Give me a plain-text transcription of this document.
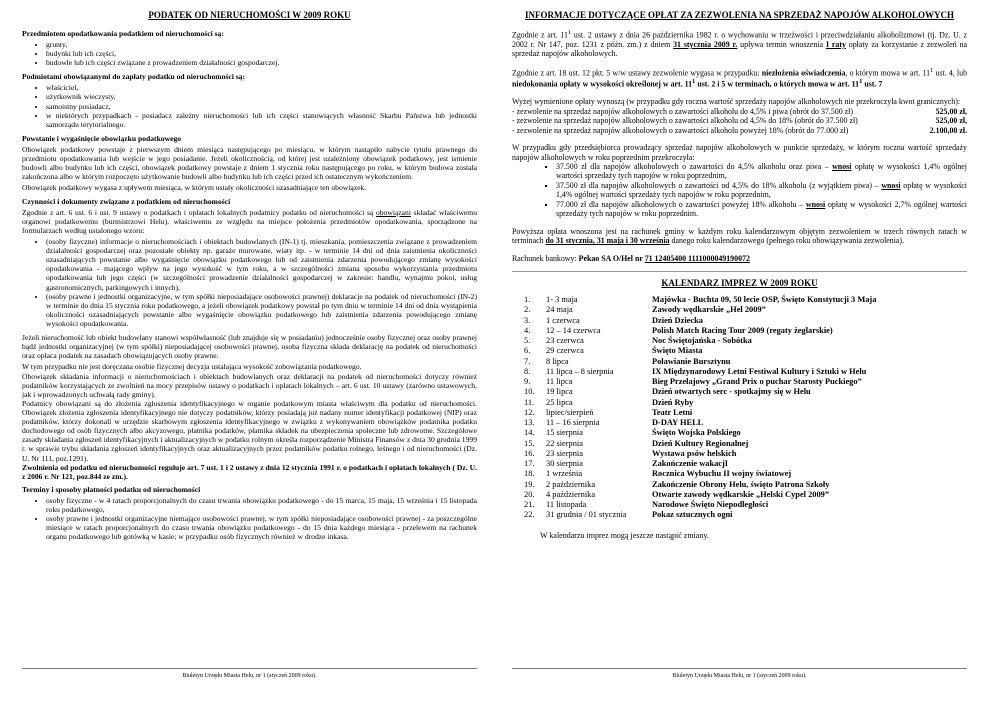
PODATEK OD NIERUCHOMOŚCI W 2009 ROKU

Przedmiotem opodatkowania podatkiem od nieruchomości są:

• grunty,
• budynki lub ich części,
• budowle lub ich części związane z prowadzeniem działalności gospodarczej.

Podmiotami obowiązanymi do zapłaty podatku od nieruchomości są:

• właściciel,
• użytkownik wieczysty,
• samoistny posiadacz,
• w niektórych przypadkach - posiadacz zależny nieruchomości lub ich części stanowiących własność Skarbu Państwa lub jednostki samorządu terytorialnego.

Powstanie i wygaśnięcie obowiązku podatkowego

Obowiązek podatkowy powstaje z pierwszym dniem miesiąca następującego po miesiącu, w którym nastąpiło nabycie tytułu prawnego do przedmiotu opodatkowania lub wejście w jego posiadanie. Jeżeli okolicznością, od której jest uzależniony obowiązek podatkowy, jest istnienie budowli albo budynku lub ich części, obowiązek podatkowy powstaje z dniem 1 stycznia roku następującego po roku, w którym budowa została zakończona albo w którym rozpoczęto użytkowanie budowli albo budynku lub ich części przed ich ostatecznym wykończeniem.

Obowiązek podatkowy wygasa z upływem miesiąca, w którym ustały okoliczności uzasadniające ten obowiązek.

Czynności i dokumenty związane z podatkiem od nieruchomości

Zgodnie z art. 6 ust. 6 i ust. 9 ustawy o podatkach i opłatach lokalnych podatnicy podatku od nieruchomości są obowiązani składać właściwemu organowi podatkowemu (burmistrzowi Helu), właściwemu ze względu na miejsce położenia przedmiotów opodatkowania, sporządzone na formularzach według ustalonego wzoru:

• (osoby fizyczne) informacje o nieruchomościach i obiektach budowlanych (IN-1) tj. mieszkania, pomieszczenia związane z prowadzeniem działalności gospodarczej oraz pozostałe obiekty np. garaże murowane, wiaty itp. - w terminie 14 dni od dnia zaistnienia okoliczności uzasadniających powstanie albo wygaśnięcie obowiązku podatkowego lub od zaistnienia zdarzenia powodującego zmianę wysokości opodatkowania - mającego wpływ na jego wysokość w tym roku, a w szczególności zmiana sposobu wykorzystania przedmiotu opodatkowania lub jego części (w szczególności prowadzenie działalności gospodarczej w zakresie: handlu, wynajmu pokoi, usług gastronomicznych, parkingowych i innych),
• (osoby prawne i jednostki organizacyjne, w tym spółki nieposiadające osobowości prawnej) deklaracje na podatek od nieruchomości (IN-2) w terminie do dnia 15 stycznia roku podatkowego, a jeżeli obowiązek podatkowy powstał po tym dniu w terminie 14 dni od dnia wystąpienia okoliczności uzasadniających powstanie albo wygaśnięcie obowiązku podatkowego lub zaistnienia zdarzenia powodującego zmianę wysokości opodatkowania.

Jeżeli nieruchomość lub obiekt budowlany stanowi współwłasność (lub znajduje się w posiadaniu) jednocześnie osoby fizycznej oraz osoby prawnej bądź jednostki organizacyjnej (w tym spółki) nieposiadającej osobowości prawnej, osoba fizyczna składa deklarację na podatek od nieruchomości oraz opłaca podatek na zasadach obowiązujących osoby prawne.

W tym przypadku nie jest doręczana osobie fizycznej decyzja ustalająca wysokość zobowiązania podatkowego.

Obowiązek składania informacji o nieruchomościach i obiektach budowlanych oraz deklaracji na podatek od nieruchomości dotyczy również podatników korzystających ze zwolnień na mocy przepisów ustawy o podatkach i opłatach lokalnych – art. 6 ust. 10 ustawy (zarówno ustawowych, jak i wprowadzonych uchwałą rady gminy).

Podatnicy obowiązani są do złożenia zgłoszenia identyfikacyjnego w organie podatkowym miasta właściwym dla podatku od nieruchomości. Obowiązek złożenia zgłoszenia identyfikacyjnego nie dotyczy podatników, którzy posiadają już nadany numer identyfikacji podatkowej (NIP) oraz podatników, którzy dokonali w urzędzie skarbowym zgłoszenia identyfikacyjnego w związku z wykonywaniem obowiązków podatnika podatku dochodowego od osób fizycznych albo akcyzowego, płatnika podatków, płatnika składek na ubezpieczenia społeczne lub zdrowotne. Szczegółowe zasady składania zgłoszeń identyfikacyjnych i aktualizacyjnych w podatku rolnym określa rozporządzenie Ministra Finansów z dnia 30 grudnia 1999 r. w sprawie trybu składania zgłoszeń identyfikacyjnych oraz aktualizacyjnych przez podatników podatku rolnego, leśnego i od nieruchomości (Dz. U. Nr 111, poz.1291).

Zwolnienia od podatku od nieruchomości reguluje art. 7 ust. 1 i 2 ustawy z dnia 12 stycznia 1991 r. o podatkach i opłatach lokalnych ( Dz. U. z 2006 r. Nr 121, poz.844 ze zm.).

Terminy i sposoby płatności podatku od nieruchomości

• osoby fizyczne - w 4 ratach proporcjonalnych do czasu trwania obowiązku podatkowego - do 15 marca, 15 maja, 15 września i 15 listopada roku podatkowego,
• osoby prawne i jednostki organizacyjne niemające osobowości prawnej, w tym spółki nieposiadające osobowości prawnej - za poszczególne miesiące w ratach proporcjonalnych do czasu trwania obowiązku podatkowego - do 15 dnia każdego miesiąca - przelewem na rachunek organu podatkowego lub gotówką w kasie; w przypadku osób fizycznych również w drodze inkasa.
Biuletyn Urzędu Miasta Helu, nr 1 (styczeń 2009 roku).
INFORMACJE DOTYCZĄCE OPŁAT ZA ZEZWOLENIA NA SPRZEDAŻ NAPOJÓW ALKOHOLOWYCH

Zgodnie z art. $11^1$ ust. 2 ustawy z dnia 26 października 1982 r. o wychowaniu w trzeźwości i przeciwdziałaniu alkoholizmowi (tj. Dz. U. z 2002 r. Nr 147, poz. 1231 z późn. zm.) z dniem 31 stycznia 2009 r. upływa termin wnoszenia I raty opłaty za korzystanie z zezwoleń na sprzedaż napojów alkoholowych.

Zgodnie z art. 18 ust. 12 pkt. 5 w/w ustawy zezwolenie wygasa w przypadku: niezłożenia oświadczenia, o którym mowa w art. $11^1$ ust. 4, lub niedokonania opłaty w wysokości określonej w art. $11^1$ ust. 2 i 5 w terminach, o których mowa w art. $11^1$ ust. 7

Wyżej wymienione opłaty wynoszą (w przypadku gdy roczna wartość sprzedaży napojów alkoholowych nie przekroczyła kwot granicznych):

- zezwolenie na sprzedaż napojów alkoholowych o zawartości alkoholu do 4,5% i piwa (obrót do 37.500 zł)	525,00 zł,
- zezwolenie na sprzedaż napojów alkoholowych o zawartości alkoholu od 4,5% do 18% (obrót do 37.500 zł)	525,00 zł,
- zezwolenie na sprzedaż napojów alkoholowych o zawartości alkoholu powyżej 18% (obrót do 77.000 zł)	2.100,00 zł.

W przypadku gdy przedsiębiorca prowadzący sprzedaż napojów alkoholowych w punkcie sprzedaży, w którym roczna wartość sprzedaży napojów alkoholowych w roku poprzednim przekroczyła:

▪ 37.500 zł dla napojów alkoholowych o zawartości do 4,5% alkoholu oraz piwa – wnosi opłatę w wysokości 1,4% ogólnej wartości sprzedaży tych napojów w roku poprzednim,
▪ 37.500 zł dla napojów alkoholowych o zawartości od 4,5% do 18% alkoholu (z wyjątkiem piwa) – wnosi opłatę w wysokości 1,4% ogólnej wartości sprzedaży tych napojów w roku poprzednim,
▪ 77.000 zł dla napojów alkoholowych o zawartości powyżej 18% alkoholu – wnosi opłatę w wysokości 2,7% ogólnej wartości sprzedaży tych napojów w roku poprzednim.

Powyższa opłata wnoszona jest na rachunek gminy w każdym roku kalendarzowym objętym zezwoleniem w trzech równych ratach w terminach do 31 stycznia, 31 maja i 30 września danego roku kalendarzowego (pełnego roku obowiązywania zezwolenia).

Rachunek bankowy: Pekao SA O/Hel nr 71 12405400 1111000049190072

KALENDARZ IMPREZ W 2009 ROKU
1.	1- 3 maja	Majówka - Buchta 09, 50 lecie OSP, Święto Konstytucji 3 Maja
2.	24 maja	Zawody wędkarskie „Hel 2009”
3.	1 czerwca	Dzień Dziecka
4.	12 – 14 czerwca	Polish Match Racing Tour 2009 (regaty żeglarskie)
5.	23 czerwca	Noc Świętojańska - Sobótka
6.	29 czerwca	Święto Miasta
7.	8 lipca	Poławianie Bursztynu
8.	11 lipca – 8 sierpnia	IX Międzynarodowy Letni Festiwal Kultury i Sztuki w Helu
9.	11 lipca	Bieg Przełajowy „Grand Prix o puchar Starosty Puckiego”
10.	19 lipca	Dzień otwartych serc - spotkajmy się w Helu
11.	25 lipca	Dzień Ryby
12.	lipiec/sierpień	Teatr Letni
13.	11 – 16 sierpnia	D-DAY HELL
14.	15 sierpnia	Święto Wojska Polskiego
15.	22 sierpnia	Dzień Kultury Regionalnej
16.	23 sierpnia	Wystawa psów helskich
17.	30 sierpnia	Zakończenie wakacjI
18.	1 września	Rocznica Wybuchu II wojny światowej
19.	2 października	Zakończenie Obrony Helu, święto Patrona Szkoły
20.	4 października	Otwarte zawody wędkarskie „Helski Cypel 2009”
21.	11 listopada	Narodowe Święto Niepodległości
22.	31 grudnia / 01 stycznia	Pokaz sztucznych ogni

W kalendarzu imprez mogą jeszcze nastąpić zmiany.

Biuletyn Urzędu Miasta Helu, nr 1 (styczeń 2009 roku).
